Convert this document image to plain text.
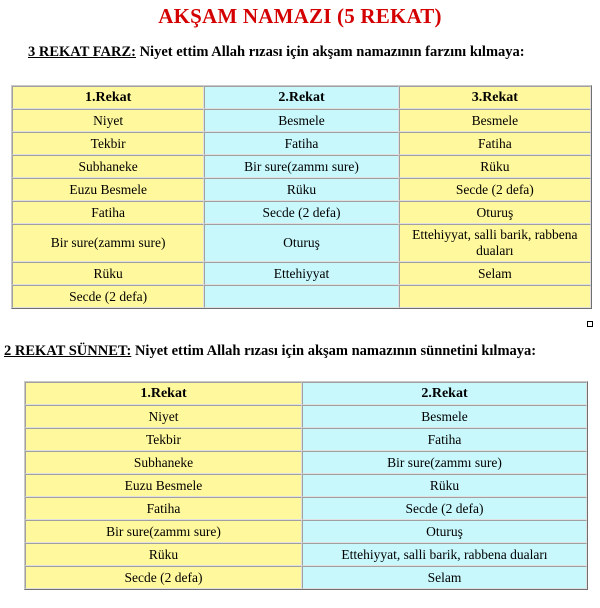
AKŞAM NAMAZI (5 REKAT)
3 REKAT FARZ: Niyet ettim Allah rızası için akşam namazının farzını kılmaya:
1.Rekat	2.Rekat	3.Rekat
Niyet	Besmele	Besmele
Tekbir	Fatiha	Fatiha
Subhaneke	Bir sure(zammı sure)	Rüku
Euzu Besmele	Rüku	Secde (2 defa)
Fatiha	Secde (2 defa)	Oturuş
Bir sure(zammı sure)	Oturuş	Ettehiyyat, salli barik, rabbena duaları
Rüku	Ettehiyyat	Selam
Secde (2 defa)		
2 REKAT SÜNNET: Niyet ettim Allah rızası için akşam namazının sünnetini kılmaya:
1.Rekat	2.Rekat
Niyet	Besmele
Tekbir	Fatiha
Subhaneke	Bir sure(zammı sure)
Euzu Besmele	Rüku
Fatiha	Secde (2 defa)
Bir sure(zammı sure)	Oturuş
Rüku	Ettehiyyat, salli barik, rabbena duaları
Secde (2 defa)	Selam
